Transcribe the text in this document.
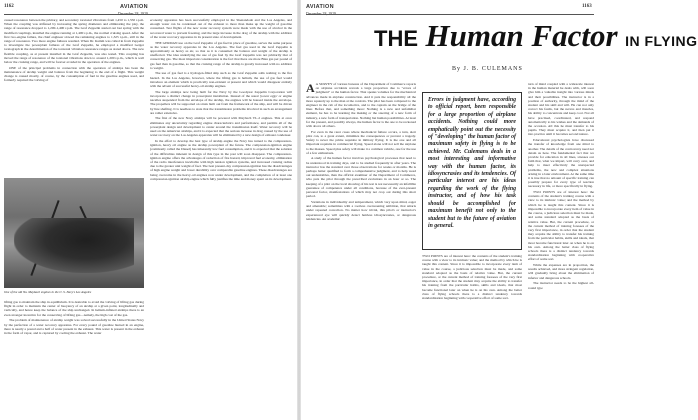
1162	AVIATION

caused resonance between the primary, and secondary torsional vibrations from 1,450 to 1,550 r.p.m. When the coupling was stiffened by increasing the spring diameters and eliminating the play, the range of resonance dropped to 1,200-1,400 r.p.m. The Graf Zeppelin started out last spring with the modified couplings, installed the engine running at 1,400 r.p.m., the normal cruising speed. After the first two-engine failure, the chief engineer slowed the remaining engines to 1,325 r.p.m., still in the range of resonance. Two more engine failures resulted. When Dr. Kamm was called in from Zeppelin to investigate the powerplant failures of the Graf Zeppelin, he employed a modified Geiger torsiograph in the determination of the torsional vibration resonance ranges as stated above. The new flexible coupling, as at present installed in the Graf Zeppelin, was also tested. This coupling has moved the range of resonance of the torsional vibrations down to around 1,200 r.p.m., which is well below the cruising range, and will be forever avoided in the operation of the engines.

ONE of the principal problems in connection with the operation of airships has been the maintenance of airship weight and balance from the beginning to the end of a flight. This weight change is caused mostly, of course, by the consumption of fuel in the gasoline engines used, and formerly required the valving of

One of the old No. Maybach engines in the U. S. Navy's Los Angeles

lifting gas to maintain the ship in equilibrium. It is desirable to avoid the valving of lifting gas during flight in order to maintain the center of buoyancy of an airship at a given point, longitudinally and vertically, and hence keep the balance of the ship unchanged. In helium-inflated airships there is an even stronger incentive for the conserving of lifting gas—namely, the high cost of the gas.

The problem of maintenance of airship weight was solved successfully in the United States Navy by the perfection of a water recovery apparatus. For every pound of gasoline burned in an engine, there is nearly a pound and a half of water present in the exhaust. This water is present in the exhaust in the form of vapor, and is captured by cooling the exhaust. The water

economy apparatus has been successfully employed in the Shenandoah and the Los Angeles, and enough water can be condensed out of the exhaust to more than make up the weight of gasoline consumed. Test flights of the new water recovery system were made with the use of alcohol in the recovered water to prevent freezing, and the large increase in the drag of the airship with the addition of the water recovery apparatus in its present state of development.

THE GERMAN use on the Graf Zeppelin of gas fuel in place of gasoline, serves the same purpose as the water recovery apparatus in the Los Angeles. The fuel gas used in the Graf Zeppelin is approximately as heavy as air, so that as it is consumed the balance and weight of the airship is unaffected. The idea underlying the use of gas fuel by the Graf Zeppelin was not primarily that of conserving gas. The most important consideration is the fact that there are more Blau gas per pound of gas fuel than in gasoline, so that the cruising range of the airship is greatly increased with no addition to weight.

The use of gas fuel is a hydrogen-filled ship such as the Graf Zeppelin adds nothing to the fire hazard. In the Los Angeles, however, where the lifting gas is helium, the use of gas fuel would introduce an element which is practically non-existent at present and which would disappear entirely with the advent of successful heavy-oil airship engines.

The large airships now being built for the Navy by the Goodyear Zeppelin Corporation will incorporate a distinct change in powerplant installation. Instead of the usual 'power eggs' or engine nacelles suspended from the envelope of the airship, the engines will be housed inside the envelope. The propellers will be supported on struts built out from the framework of the ship, and will be driven by line shafting. It is needless to state that the transmission problems involved in such an arrangement are rather extensive.

The first of the new Navy airships will be powered with Maybach VL-2 engines. This at once eliminates any uncertainty regarding engine characteristics and performance, and permits all of the powerplant design and development to center around the transmission itself. Water recovery will be used on the American airships, and it is expected that the serious increase in drag caused by the use of water recovery on the Los Angeles apparatus will be eliminated by a new design of exhaust condenser.

In the effort to develop the best type of airship engine the Navy has turned to the compression-ignition, heavy oil engine as the airship powerplant of the future. The compression-ignition engine (commonly called the Diesel) has inherently low fuel consumption, and it is expected that the solution of the difficulties inherent in design of this type in the past will soon disappear. The compression-ignition engine offers the advantages of reduction of fire hazard, improved fuel economy, elimination of the radio interference inevitable with high tension ignition systems, and increased cruising radius due to the greater unit weight of fuel. The best present-day compression-ignition has the disadvantages of high engine weight and lower durability over comparable gasoline engines. These disadvantages are being overcome in the heavy-oil engines now under development, and the completion of at least one compression-ignition airship engine which fully justifies the time and money spent on its development.

AVIATION	1163
THE Human Factor IN FLYING
By J. B. CULEMANS

A A SURVEY of various bureaus of the Department of Commerce reports on airplane accidents reveals a large proportion due to "errors of judgment" or the human factor. That speaks volumes for the mechanical advances made in airplane construction. And it puts the responsibility all the more squarely up to the man at the controls. The pilot has been compared to the engineer in the cab of the locomotive, and to the captain on the bridge of the liner. Before that, and something more: Nothing is a new and unfamiliar element, he has to be learning the making or the steering of a new form of industry, a new form of transportation. Nothing but human possibilities. At least for the present, and possibly always, the human factor is the one to be reckoned with above all others.

For even in the rarer cases where mechanical failure occurs, a turn, alert pilot can, to a great extent, minimize the consequences or prevent a tragedy. Safety is never the prime requisite in military flying. It is the one and all important requisite in commercial flying. Speed alone will not sell the airplane to the masses. Speed plus safety will make it a common vehicle, one for the use of a few enthusiasts.

A study of the human factor involves psychological processes that need to be understood in training days, and to be studied frequently in after years. The instructor has the standard over those observations for weeks or months. He is perhaps better qualified to form a comprehensive judgment, and to help weed out undesirables, than the official examiner of the Department of Commerce, who puts the pilot through the prescribed evolutions in an hour or so. The keeping of a pilot on the local showing of his test is not necessarily an infallible guarantee of competence under all conditions, because of the ever-present personal factor, manifestations of which may not crop out during this short period.

Variations in individuality and temperament, which vary upon mind, eager and amenable; sometimes with a rootless overweening ambition, that smarts under repeated correction. No matter how trivial, this pilot's or instructor's experienced eye will quickly detect hairless idiosyncrasies, or dangerous tendencies. An academic

Errors in judgment have, according to official report, been responsible for a large proportion of airplane accidents. Nothing could more emphatically point out the necessity of "developing" the human factor of maximum safety in flying is to be achieved. Mr. Culemans deals in a most interesting and informative way with the human factor, its idiosyncrasies and its tendencies. Of particular interest are his ideas regarding the work of the flying instructor, and of how his task should be accomplished for maximum benefit not only to the student but to the future of aviation in general.

turn of mind coupled with a widescale interest in the human material he deals with, will soon give him a valuable insight into various minds and their possibilities. The instructor is in a position of authority, through the mind of the student and his skill and will. He can not only correct his faults, but the nerves and muscles, his ability to concentrate and keep cool. Not all have practised, coordinated, and respond automatically to his wishes and the demands of the occasion. All this he must transfer to his pupils. They must acquire it, and then put it into practice until it becomes second nature.

Educational psychologists have discussed the transfer of knowledge from one mind to another. The details of the controversy need not detain us here. The fundamental fact that we provide for education in all lines, stresses our faith that, what we impart, will carry over, and help to meet effectively the unexpected problems, the new and complex situations arising in a later environment. At the same time it is true that no amount of specific training can possibly prepare for every type of reaction necessary in life, or more specifically in flying.

TWO POINTS are of interest here: the contents of the student's training course with a view to its intrinsic value; and the method by which he is taught this content. Since it is impossible to incorporate every item of value in the course, a judicious selection must be made, and some standard adopted as the basis of relative value. But, the current procedure, or the current method of training foresees of the very first importance, in order that the student may acquire the ability to transfer his training from the particular habits, skills and ideals, that most become functional later on when he is on his own. Among the better class of flying schools there is a distinct tendency towards standardization beginning with cooperative effort of some sort.

While the expenses are in proportion, the results achieved, and more stringent regulation, will gradually bring about the elimination of inferior and dangerous schools.

The instructor needs to be the highest all-round type

TWO POINTS are of interest here: the contents of the student's training course with a view to its intrinsic value; and the method by which he is taught this content. Since it is impossible to incorporate every item of value in the course, a judicious selection must be made, and some standard adopted as the basis of relative value. But, the current procedure, or the current method of training foresees of the very first importance, in order that the student may acquire the ability to transfer his training from the particular habits, skills and ideals, that most become functional later on when he is on his own. Among the better class of flying schools there is a distinct tendency towards standardization beginning with cooperative effort of some sort.
